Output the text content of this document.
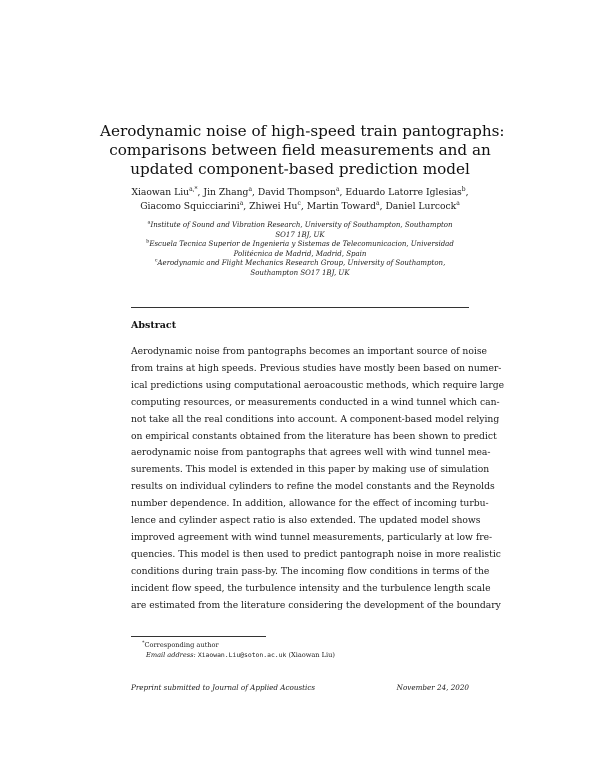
Aerodynamic noise of high-speed train pantographs:
comparisons between field measurements and an
updated component-based prediction model
Xiaowan Liu$^{a,*}$, Jin Zhang$^a$, David Thompson$^a$, Eduardo Latorre Iglesias$^b$,
Giacomo Squicciarini$^a$, Zhiwei Hu$^c$, Martin Toward$^a$, Daniel Lurcock$^a$
$^a$Institute of Sound and Vibration Research, University of Southampton, Southampton
SO17 1BJ, UK
$^b$Escuela Tecnica Superior de Ingenieria y Sistemas de Telecomunicacion, Universidad
Politécnica de Madrid, Madrid, Spain
$^c$Aerodynamic and Flight Mechanics Research Group, University of Southampton,
Southampton SO17 1BJ, UK
Abstract
Aerodynamic noise from pantographs becomes an important source of noise
from trains at high speeds. Previous studies have mostly been based on numer-
ical predictions using computational aeroacoustic methods, which require large
computing resources, or measurements conducted in a wind tunnel which can-
not take all the real conditions into account. A component-based model relying
on empirical constants obtained from the literature has been shown to predict
aerodynamic noise from pantographs that agrees well with wind tunnel mea-
surements. This model is extended in this paper by making use of simulation
results on individual cylinders to refine the model constants and the Reynolds
number dependence. In addition, allowance for the effect of incoming turbu-
lence and cylinder aspect ratio is also extended. The updated model shows
improved agreement with wind tunnel measurements, particularly at low fre-
quencies. This model is then used to predict pantograph noise in more realistic
conditions during train pass-by. The incoming flow conditions in terms of the
incident flow speed, the turbulence intensity and the turbulence length scale
are estimated from the literature considering the development of the boundary
*Corresponding author
Email address: Xiaowan.Liu@soton.ac.uk (Xiaowan Liu)
Preprint submitted to Journal of Applied Acoustics	November 24, 2020
